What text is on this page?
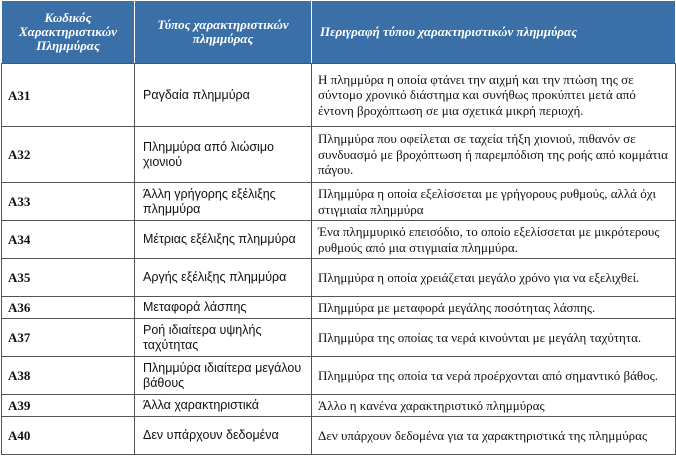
Κωδικός Χαρακτηριστικών Πλημμύρας	Τύπος χαρακτηριστικών πλημμύρας	Περιγραφή τύπου χαρακτηριστικών πλημμύρας
A31	Ραγδαία πλημμύρα	Η πλημμύρα η οποία φτάνει την αιχμή και την πτώση της σε σύντομο χρονικό διάστημα και συνήθως προκύπτει μετά από έντονη βροχόπτωση σε μια σχετικά μικρή περιοχή.
A32	Πλημμύρα από λιώσιμο χιονιού	Πλημμύρα που οφείλεται σε ταχεία τήξη χιονιού, πιθανόν σε συνδυασμό με βροχόπτωση ή παρεμπόδιση της ροής από κομμάτια πάγου.
A33	Άλλη γρήγορης εξέλιξης πλημμύρα	Πλημμύρα η οποία εξελίσσεται με γρήγορους ρυθμούς, αλλά όχι στιγμιαία πλημμύρα
A34	Μέτριας εξέλιξης πλημμύρα	Ένα πλημμυρικό επεισόδιο, το οποίο εξελίσσεται με μικρότερους ρυθμούς από μια στιγμιαία πλημμύρα.
A35	Αργής εξέλιξης πλημμύρα	Πλημμύρα η οποία χρειάζεται μεγάλο χρόνο για να εξελιχθεί.
A36	Μεταφορά λάσπης	Πλημμύρα με μεταφορά μεγάλης ποσότητας λάσπης.
A37	Ροή ιδιαίτερα υψηλής ταχύτητας	Πλημμύρα της οποίας τα νερά κινούνται με μεγάλη ταχύτητα.
A38	Πλημμύρα ιδιαίτερα μεγάλου βάθους	Πλημμύρα της οποία τα νερά προέρχονται από σημαντικό βάθος.
A39	Άλλα χαρακτηριστικά	Άλλο η κανένα χαρακτηριστικό πλημμύρας
A40	Δεν υπάρχουν δεδομένα	Δεν υπάρχουν δεδομένα για τα χαρακτηριστικά της πλημμύρας
